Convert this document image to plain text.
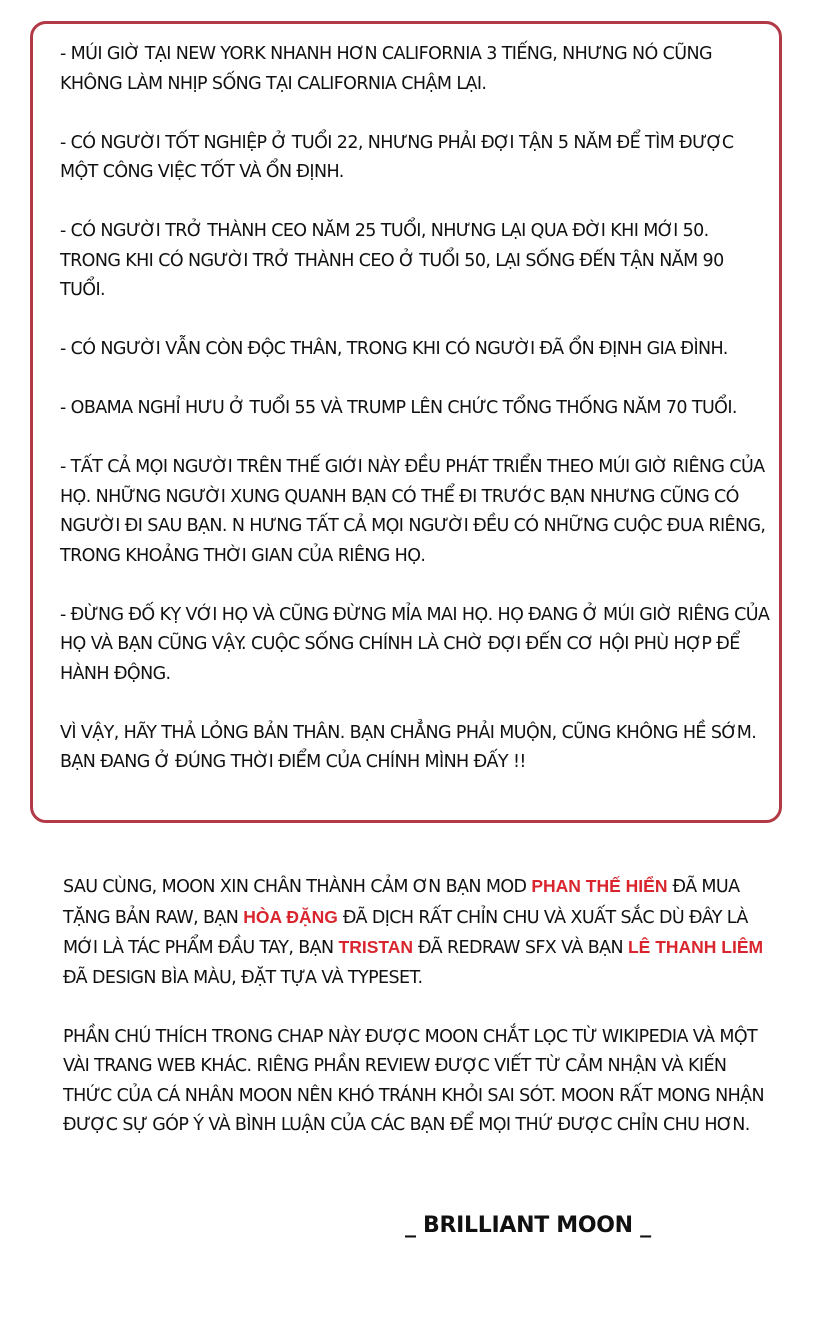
- MÚI GIỜ TẠI NEW YORK NHANH HƠN CALIFORNIA 3 TIẾNG, NHƯNG NÓ CŨNG KHÔNG LÀM NHỊP SỐNG TẠI CALIFORNIA CHẬM LẠI.

- CÓ NGƯỜI TỐT NGHIỆP Ở TUỔI 22, NHƯNG PHẢI ĐỢI TẬN 5 NĂM ĐỂ TÌM ĐƯỢC MỘT CÔNG VIỆC TỐT VÀ ỔN ĐỊNH.

- CÓ NGƯỜI TRỞ THÀNH CEO NĂM 25 TUỔI, NHƯNG LẠI QUA ĐỜI KHI MỚI 50. TRONG KHI CÓ NGƯỜI TRỞ THÀNH CEO Ở TUỔI 50, LẠI SỐNG ĐẾN TẬN NĂM 90 TUỔI.

- CÓ NGƯỜI VẪN CÒN ĐỘC THÂN, TRONG KHI CÓ NGƯỜI ĐÃ ỔN ĐỊNH GIA ĐÌNH.

- OBAMA NGHỈ HƯU Ở TUỔI 55 VÀ TRUMP LÊN CHỨC TỔNG THỐNG NĂM 70 TUỔI.

- TẤT CẢ MỌI NGƯỜI TRÊN THẾ GIỚI NÀY ĐỀU PHÁT TRIỂN THEO MÚI GIỜ RIÊNG CỦA HỌ. NHỮNG NGƯỜI XUNG QUANH BẠN CÓ THỂ ĐI TRƯỚC BẠN NHƯNG CŨNG CÓ NGƯỜI ĐI SAU BẠN. N HƯNG TẤT CẢ MỌI NGƯỜI ĐỀU CÓ NHỮNG CUỘC ĐUA RIÊNG, TRONG KHOẢNG THỜI GIAN CỦA RIÊNG HỌ.

- ĐỪNG ĐỐ KỴ VỚI HỌ VÀ CŨNG ĐỪNG MỈA MAI HỌ. HỌ ĐANG Ở MÚI GIỜ RIÊNG CỦA HỌ VÀ BẠN CŨNG VẬY. CUỘC SỐNG CHÍNH LÀ CHỜ ĐỢI ĐẾN CƠ HỘI PHÙ HỢP ĐỂ HÀNH ĐỘNG.

VÌ VẬY, HÃY THẢ LỎNG BẢN THÂN. BẠN CHẲNG PHẢI MUỘN, CŨNG KHÔNG HỀ SỚM. BẠN ĐANG Ở ĐÚNG THỜI ĐIỂM CỦA CHÍNH MÌNH ĐẤY !!

SAU CÙNG, MOON XIN CHÂN THÀNH CẢM ƠN BẠN MOD PHAN THẾ HIỂN ĐÃ MUA TẶNG BẢN RAW, BẠN HÒA ĐẶNG ĐÃ DỊCH RẤT CHỈN CHU VÀ XUẤT SẮC DÙ ĐÂY LÀ MỚI LÀ TÁC PHẨM ĐẦU TAY, BẠN TRISTAN ĐÃ REDRAW SFX VÀ BẠN LÊ THANH LIÊM ĐÃ DESIGN BÌA MÀU, ĐẶT TỰA VÀ TYPESET.

PHẦN CHÚ THÍCH TRONG CHAP NÀY ĐƯỢC MOON CHẮT LỌC TỪ WIKIPEDIA VÀ MỘT VÀI TRANG WEB KHÁC. RIÊNG PHẦN REVIEW ĐƯỢC VIẾT TỪ CẢM NHẬN VÀ KIẾN THỨC CỦA CÁ NHÂN MOON NÊN KHÓ TRÁNH KHỎI SAI SÓT. MOON RẤT MONG NHẬN ĐƯỢC SỰ GÓP Ý VÀ BÌNH LUẬN CỦA CÁC BẠN ĐỂ MỌI THỨ ĐƯỢC CHỈN CHU HƠN.

_ BRILLIANT MOON _
